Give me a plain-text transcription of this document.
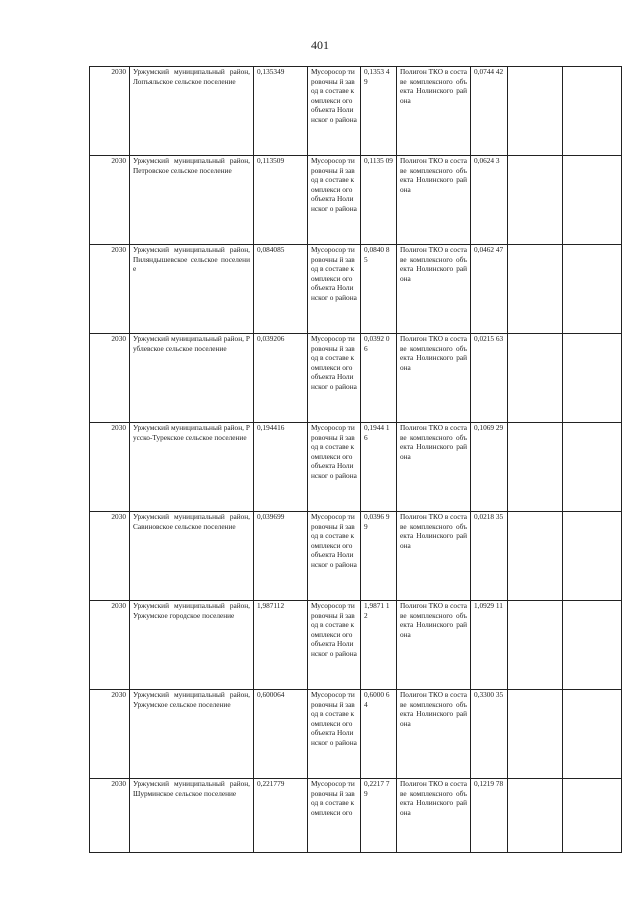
401
2030	Уржумский муниципальный район, Лопъяльское сельское поселение	0,135349	Мусоросор тировочны й завод в составе комплекси ого объекта Нолинског о района	0,1353 49	Полигон ТКО в составе комплексного объекта Нолинского района	0,0744 42		
2030	Уржумский муниципальный район, Петровское сельское поселение	0,113509	Мусоросор тировочны й завод в составе комплекси ого объекта Нолинског о района	0,1135 09	Полигон ТКО в составе комплексного объекта Нолинского района	0,0624 3		
2030	Уржумский муниципальный район, Пиляндышевское сельское поселение	0,084085	Мусоросор тировочны й завод в составе комплекси ого объекта Нолинског о района	0,0840 85	Полигон ТКО в составе комплексного объекта Нолинского района	0,0462 47		
2030	Уржумский муниципальный район, Рублевское сельское поселение	0,039206	Мусоросор тировочны й завод в составе комплекси ого объекта Нолинског о района	0,0392 06	Полигон ТКО в составе комплексного объекта Нолинского района	0,0215 63		
2030	Уржумский муниципальный район, Русско-Турекское сельское поселение	0,194416	Мусоросор тировочны й завод в составе комплекси ого объекта Нолинског о района	0,1944 16	Полигон ТКО в составе комплексного объекта Нолинского района	0,1069 29		
2030	Уржумский муниципальный район, Савиновское сельское поселение	0,039699	Мусоросор тировочны й завод в составе комплекси ого объекта Нолинског о района	0,0396 99	Полигон ТКО в составе комплексного объекта Нолинского района	0,0218 35		
2030	Уржумский муниципальный район, Уржумское городское поселение	1,987112	Мусоросор тировочны й завод в составе комплекси ого объекта Нолинског о района	1,9871 12	Полигон ТКО в составе комплексного объекта Нолинского района	1,0929 11		
2030	Уржумский муниципальный район, Уржумское сельское поселение	0,600064	Мусоросор тировочны й завод в составе комплекси ого объекта Нолинског о района	0,6000 64	Полигон ТКО в составе комплексного объекта Нолинского района	0,3300 35		
2030	Уржумский муниципальный район, Шурминское сельское поселение	0,221779	Мусоросор тировочны й завод в составе комплекси ого	0,2217 79	Полигон ТКО в составе комплексного объекта Нолинского района	0,1219 78		
